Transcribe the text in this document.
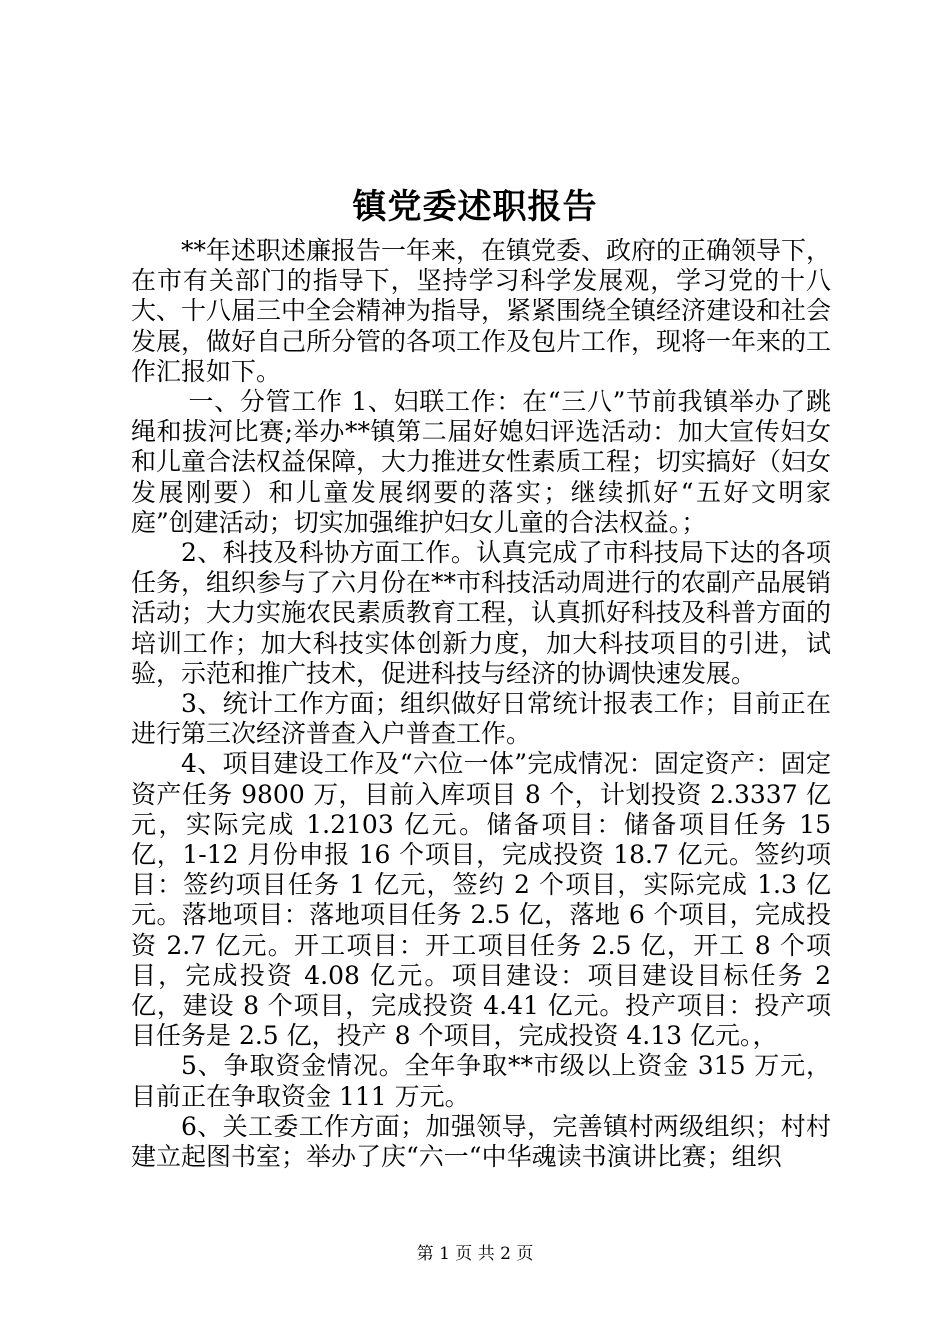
镇党委述职报告

**年述职述廉报告一年来，在镇党委、政府的正确领导下，在市有关部门的指导下，坚持学习科学发展观，学习党的十八大、十八届三中全会精神为指导，紧紧围绕全镇经济建设和社会发展，做好自己所分管的各项工作及包片工作，现将一年来的工作汇报如下。

一、分管工作 1、妇联工作：在“三八”节前我镇举办了跳绳和拔河比赛;举办**镇第二届好媳妇评选活动：加大宣传妇女和儿童合法权益保障，大力推进女性素质工程；切实搞好（妇女发展刚要）和儿童发展纲要的落实；继续抓好“五好文明家庭”创建活动；切实加强维护妇女儿童的合法权益。；

2、科技及科协方面工作。认真完成了市科技局下达的各项任务，组织参与了六月份在**市科技活动周进行的农副产品展销活动；大力实施农民素质教育工程，认真抓好科技及科普方面的培训工作；加大科技实体创新力度，加大科技项目的引进，试验，示范和推广技术，促进科技与经济的协调快速发展。

3、统计工作方面；组织做好日常统计报表工作；目前正在进行第三次经济普查入户普查工作。

4、项目建设工作及“六位一体”完成情况：固定资产：固定资产任务 9800 万，目前入库项目 8 个，计划投资 2.3337 亿元，实际完成 1.2103 亿元。储备项目：储备项目任务 15 亿，1-12 月份申报 16 个项目，完成投资 18.7 亿元。签约项目：签约项目任务 1 亿元，签约 2 个项目，实际完成 1.3 亿元。落地项目：落地项目任务 2.5 亿，落地 6 个项目，完成投资 2.7 亿元。开工项目：开工项目任务 2.5 亿，开工 8 个项目，完成投资 4.08 亿元。项目建设：项目建设目标任务 2 亿，建设 8 个项目，完成投资 4.41 亿元。投产项目：投产项目任务是 2.5 亿，投产 8 个项目，完成投资 4.13 亿元。，

5、争取资金情况。全年争取**市级以上资金 315 万元，目前正在争取资金 111 万元。

6、关工委工作方面；加强领导，完善镇村两级组织；村村建立起图书室；举办了庆“六一“中华魂读书演讲比赛；组织

第 1 页 共 2 页
